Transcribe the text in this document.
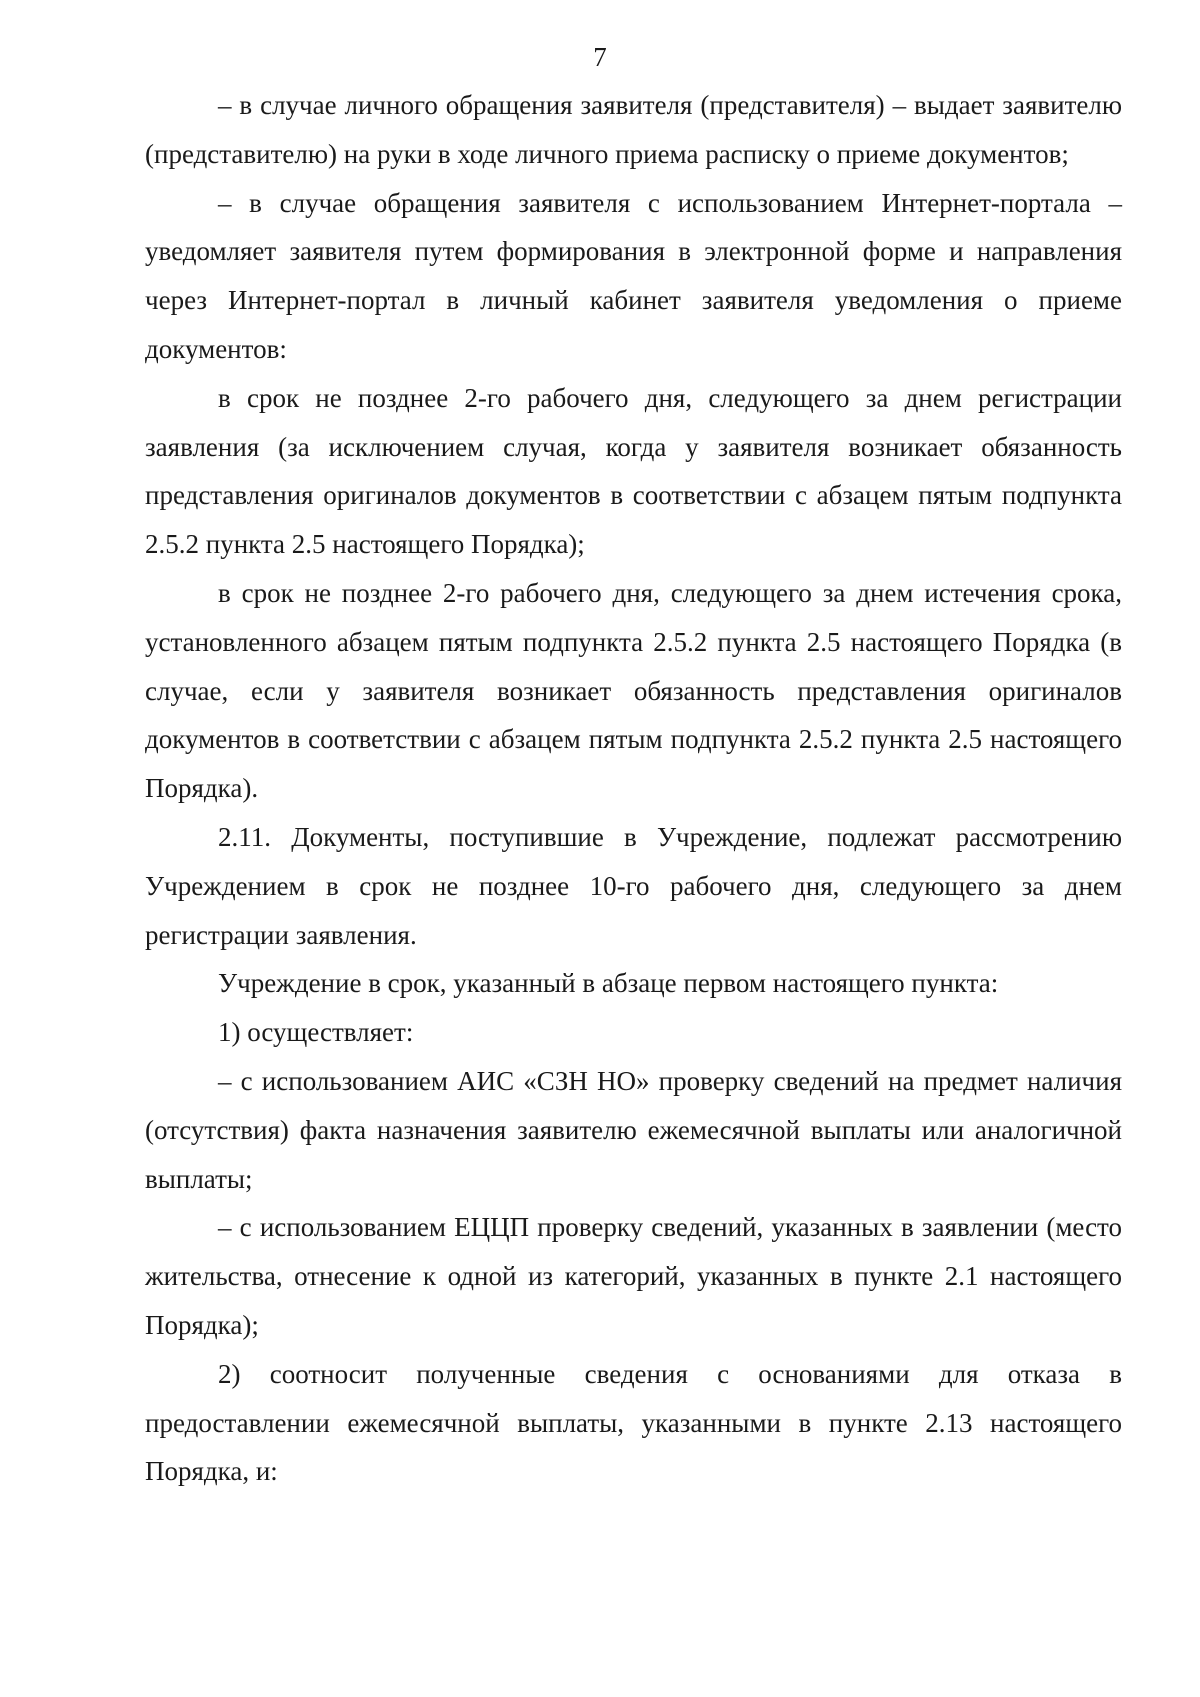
7

– в случае личного обращения заявителя (представителя) – выдает заявителю (представителю) на руки в ходе личного приема расписку о приеме документов;

– в случае обращения заявителя с использованием Интернет-портала – уведомляет заявителя путем формирования в электронной форме и направления через Интернет-портал в личный кабинет заявителя уведомления о приеме документов:

в срок не позднее 2-го рабочего дня, следующего за днем регистрации заявления (за исключением случая, когда у заявителя возникает обязанность представления оригиналов документов в соответствии с абзацем пятым подпункта 2.5.2 пункта 2.5 настоящего Порядка);

в срок не позднее 2-го рабочего дня, следующего за днем истечения срока, установленного абзацем пятым подпункта 2.5.2 пункта 2.5 настоящего Порядка (в случае, если у заявителя возникает обязанность представления оригиналов документов в соответствии с абзацем пятым подпункта 2.5.2 пункта 2.5 настоящего Порядка).

2.11. Документы, поступившие в Учреждение, подлежат рассмотрению Учреждением в срок не позднее 10-го рабочего дня, следующего за днем регистрации заявления.

Учреждение в срок, указанный в абзаце первом настоящего пункта:

1) осуществляет:

– с использованием АИС «СЗН НО» проверку сведений на предмет наличия (отсутствия) факта назначения заявителю ежемесячной выплаты или аналогичной выплаты;

– с использованием ЕЦЦП проверку сведений, указанных в заявлении (место жительства, отнесение к одной из категорий, указанных в пункте 2.1 настоящего Порядка);

2) соотносит полученные сведения с основаниями для отказа в предоставлении ежемесячной выплаты, указанными в пункте 2.13 настоящего Порядка, и:
